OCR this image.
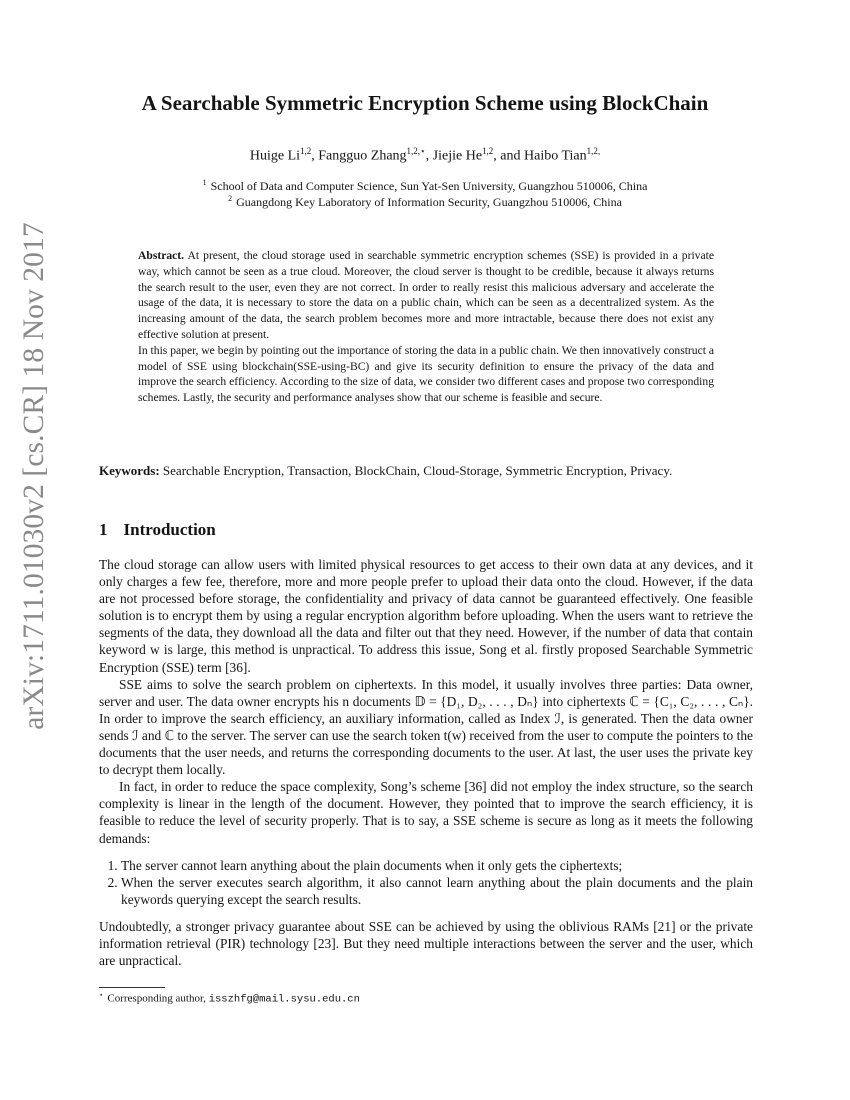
arXiv:1711.01030v2 [cs.CR] 18 Nov 2017
A Searchable Symmetric Encryption Scheme using BlockChain
Huige Li$^{1,2}$, Fangguo Zhang$^{1,2,⋆}$, Jiejie He$^{1,2}$, and Haibo Tian$^{1,2,}$
$^1$ School of Data and Computer Science, Sun Yat-Sen University, Guangzhou 510006, China
$^2$ Guangdong Key Laboratory of Information Security, Guangzhou 510006, China

Abstract. At present, the cloud storage used in searchable symmetric encryption schemes (SSE) is provided in a private way, which cannot be seen as a true cloud. Moreover, the cloud server is thought to be credible, because it always returns the search result to the user, even they are not correct. In order to really resist this malicious adversary and accelerate the usage of the data, it is necessary to store the data on a public chain, which can be seen as a decentralized system. As the increasing amount of the data, the search problem becomes more and more intractable, because there does not exist any effective solution at present.

In this paper, we begin by pointing out the importance of storing the data in a public chain. We then innovatively construct a model of SSE using blockchain(SSE-using-BC) and give its security definition to ensure the privacy of the data and improve the search efficiency. According to the size of data, we consider two different cases and propose two corresponding schemes. Lastly, the security and performance analyses show that our scheme is feasible and secure.

Keywords: Searchable Encryption, Transaction, BlockChain, Cloud-Storage, Symmetric Encryption, Privacy.
1 Introduction

The cloud storage can allow users with limited physical resources to get access to their own data at any devices, and it only charges a few fee, therefore, more and more people prefer to upload their data onto the cloud. However, if the data are not processed before storage, the confidentiality and privacy of data cannot be guaranteed effectively. One feasible solution is to encrypt them by using a regular encryption algorithm before uploading. When the users want to retrieve the segments of the data, they download all the data and filter out that they need. However, if the number of data that contain keyword w is large, this method is unpractical. To address this issue, Song et al. firstly proposed Searchable Symmetric Encryption (SSE) term [36].

SSE aims to solve the search problem on ciphertexts. In this model, it usually involves three parties: Data owner, server and user. The data owner encrypts his n documents 𝔻 = {D₁, D₂, . . . , Dₙ} into ciphertexts ℂ = {C₁, C₂, . . . , Cₙ}. In order to improve the search efficiency, an auxiliary information, called as Index ℐ, is generated. Then the data owner sends ℐ and ℂ to the server. The server can use the search token t(w) received from the user to compute the pointers to the documents that the user needs, and returns the corresponding documents to the user. At last, the user uses the private key to decrypt them locally.

In fact, in order to reduce the space complexity, Song’s scheme [36] did not employ the index structure, so the search complexity is linear in the length of the document. However, they pointed that to improve the search efficiency, it is feasible to reduce the level of security properly. That is to say, a SSE scheme is secure as long as it meets the following demands:

1. The server cannot learn anything about the plain documents when it only gets the ciphertexts;
2. When the server executes search algorithm, it also cannot learn anything about the plain documents and the plain keywords querying except the search results.

Undoubtedly, a stronger privacy guarantee about SSE can be achieved by using the oblivious RAMs [21] or the private information retrieval (PIR) technology [23]. But they need multiple interactions between the server and the user, which are unpractical.

⋆ Corresponding author, isszhfg@mail.sysu.edu.cn
